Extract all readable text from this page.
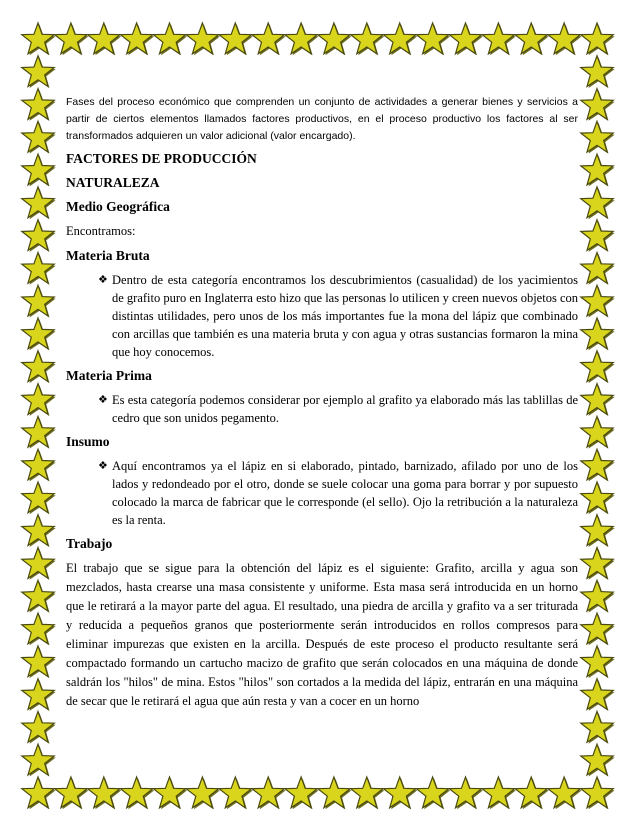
Fases del proceso económico que comprenden un conjunto de actividades a generar bienes y servicios a partir de ciertos elementos llamados factores productivos, en el proceso productivo los factores al ser transformados adquieren un valor adicional (valor encargado).

FACTORES DE PRODUCCIÓN

NATURALEZA

Medio Geográfica

Encontramos:

Materia Bruta

❖ Dentro de esta categoría encontramos los descubrimientos (casualidad) de los yacimientos de grafito puro en Inglaterra esto hizo que las personas lo utilicen y creen nuevos objetos con distintas utilidades, pero unos de los más importantes fue la mona del lápiz que combinado con arcillas que también es una materia bruta y con agua y otras sustancias formaron la mina que hoy conocemos.

Materia Prima

❖ Es esta categoría podemos considerar por ejemplo al grafito ya elaborado más las tablillas de cedro que son unidos pegamento.

Insumo

❖ Aquí encontramos ya el lápiz en si elaborado, pintado, barnizado, afilado por uno de los lados y redondeado por el otro, donde se suele colocar una goma para borrar y por supuesto colocado la marca de fabricar que le corresponde (el sello). Ojo la retribución a la naturaleza es la renta.

Trabajo

El trabajo que se sigue para la obtención del lápiz es el siguiente: Grafito, arcilla y agua son mezclados, hasta crearse una masa consistente y uniforme. Esta masa será introducida en un horno que le retirará a la mayor parte del agua. El resultado, una piedra de arcilla y grafito va a ser triturada y reducida a pequeños granos que posteriormente serán introducidos en rollos compresos para eliminar impurezas que existen en la arcilla. Después de este proceso el producto resultante será compactado formando un cartucho macizo de grafito que serán colocados en una máquina de donde saldrán los "hilos" de mina. Estos "hilos" son cortados a la medida del lápiz, entrarán en una máquina de secar que le retirará el agua que aún resta y van a cocer en un horno
